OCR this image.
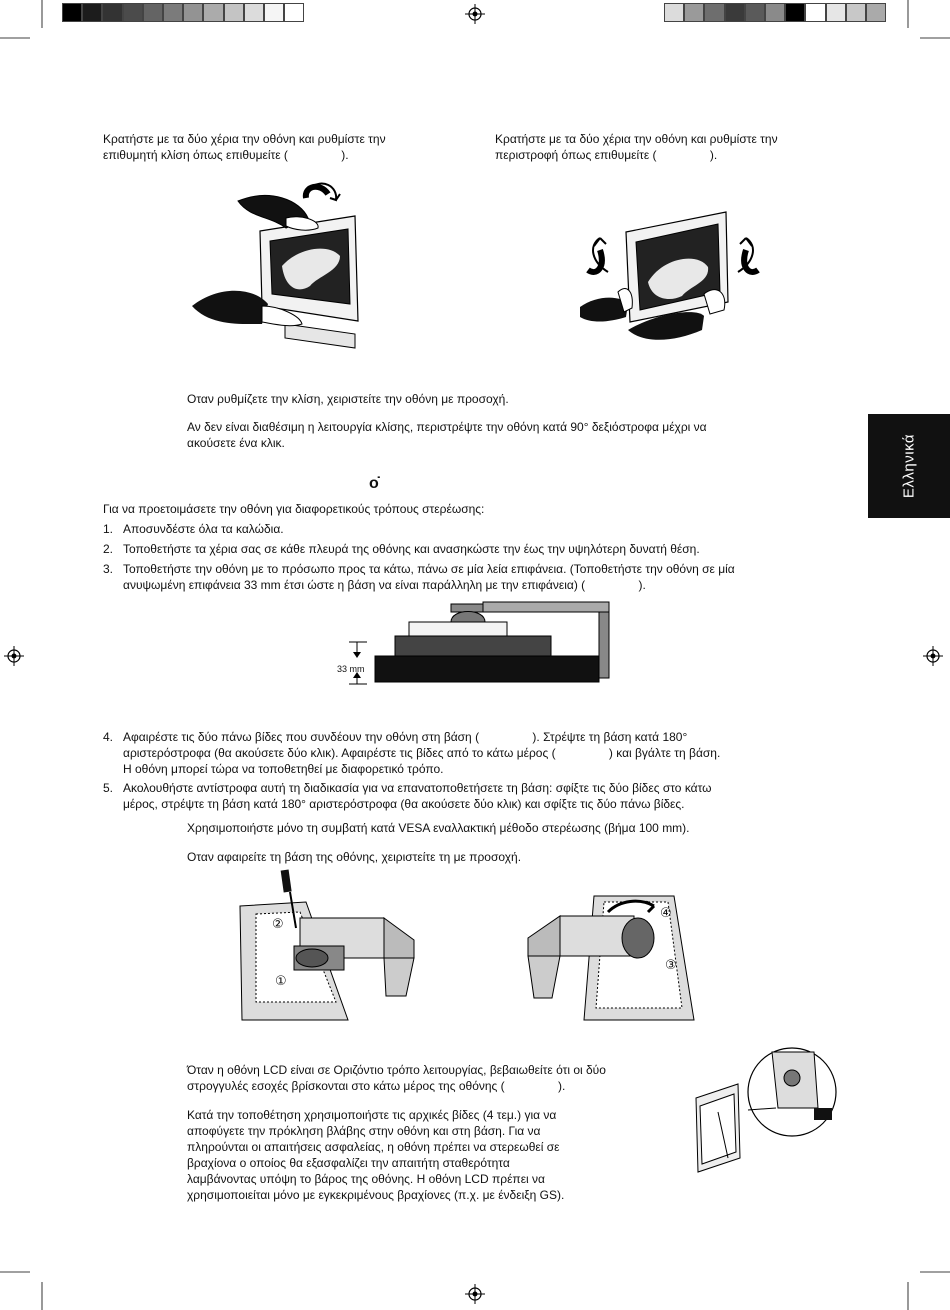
Ελληνικά

Κρατήστε με τα δύο χέρια την οθόνη και ρυθμίστε την

επιθυμητή κλίση όπως επιθυμείτε (                ).

Κρατήστε με τα δύο χέρια την οθόνη και ρυθμίστε την

περιστροφή όπως επιθυμείτε (                ).

Οταν ρυθμίζετε την κλίση, χειριστείτε την οθόνη με προσοχή.

Αν δεν είναι διαθέσιμη η λειτουργία κλίσης, περιστρέψτε την οθόνη κατά 90° δεξιόστροφα μέχρι να

ακούσετε ένα κλικ.

ο̇

Για να προετοιμάσετε την οθόνη για διαφορετικούς τρόπους στερέωσης:

1. Αποσυνδέστε όλα τα καλώδια.
2. Τοποθετήστε τα χέρια σας σε κάθε πλευρά της οθόνης και ανασηκώστε την έως την υψηλότερη δυνατή θέση.
3. Τοποθετήστε την οθόνη με το πρόσωπο προς τα κάτω, πάνω σε μία λεία επιφάνεια. (Τοποθετήστε την οθόνη σε μία
ανυψωμένη επιφάνεια 33 mm έτσι ώστε η βάση να είναι παράλληλη με την επιφάνεια) (                ).
33 mm
4. Αφαιρέστε τις δύο πάνω βίδες που συνδέουν την οθόνη στη βάση (                ). Στρέψτε τη βάση κατά 180°
αριστερόστροφα (θα ακούσετε δύο κλικ). Αφαιρέστε τις βίδες από το κάτω μέρος (                ) και βγάλτε τη βάση.
Η οθόνη μπορεί τώρα να τοποθετηθεί με διαφορετικό τρόπο.
5. Ακολουθήστε αντίστροφα αυτή τη διαδικασία για να επανατοποθετήσετε τη βάση: σφίξτε τις δύο βίδες στο κάτω
μέρος, στρέψτε τη βάση κατά 180° αριστερόστροφα (θα ακούσετε δύο κλικ) και σφίξτε τις δύο πάνω βίδες.

Χρησιμοποιήστε μόνο τη συμβατή κατά VESA εναλλακτική μέθοδο στερέωσης (βήμα 100 mm).

Οταν αφαιρείτε τη βάση της οθόνης, χειριστείτε τη με προσοχή.

②
①
④
③

Όταν η οθόνη LCD είναι σε Οριζόντιο τρόπο λειτουργίας, βεβαιωθείτε ότι οι δύο

στρογγυλές εσοχές βρίσκονται στο κάτω μέρος της οθόνης (                ).

Κατά την τοποθέτηση χρησιμοποιήστε τις αρχικές βίδες (4 τεμ.) για να

αποφύγετε την πρόκληση βλάβης στην οθόνη και στη βάση. Για να

πληρούνται οι απαιτήσεις ασφαλείας, η οθόνη πρέπει να στερεωθεί σε

βραχίονα ο οποίος θα εξασφαλίζει την απαιτήτη σταθερότητα

λαμβάνοντας υπόψη το βάρος της οθόνης. Η οθόνη LCD πρέπει να

χρησιμοποιείται μόνο με εγκεκριμένους βραχίονες (π.χ. με ένδειξη GS).
